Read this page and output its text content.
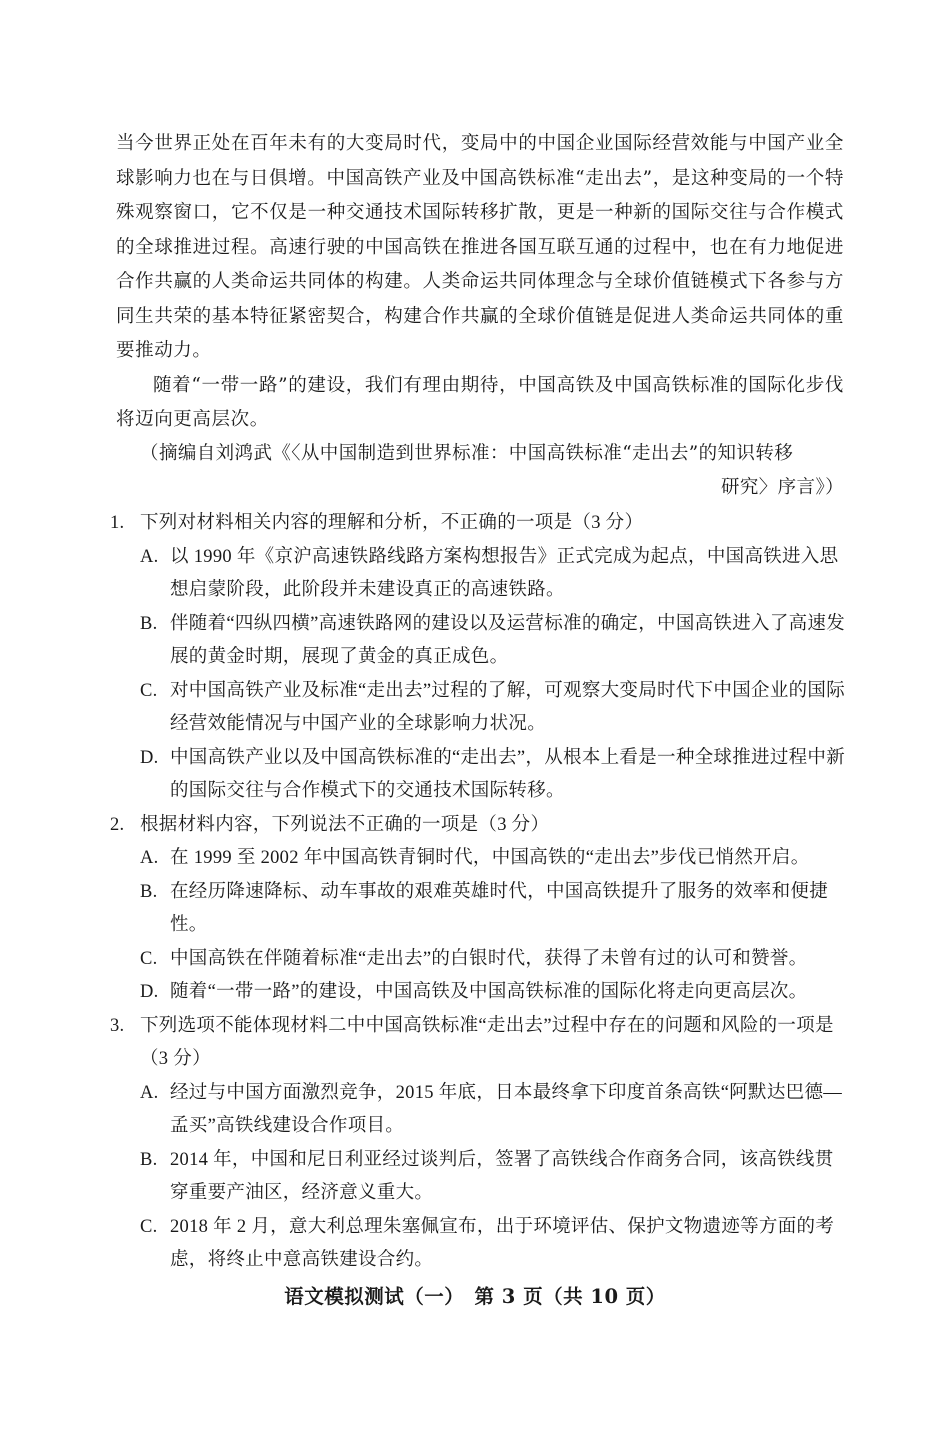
当今世界正处在百年未有的大变局时代，变局中的中国企业国际经营效能与中国产业全球影响力也在与日俱增。中国高铁产业及中国高铁标准“走出去”，是这种变局的一个特殊观察窗口，它不仅是一种交通技术国际转移扩散，更是一种新的国际交往与合作模式的全球推进过程。高速行驶的中国高铁在推进各国互联互通的过程中，也在有力地促进合作共赢的人类命运共同体的构建。人类命运共同体理念与全球价值链模式下各参与方同生共荣的基本特征紧密契合，构建合作共赢的全球价值链是促进人类命运共同体的重要推动力。

随着“一带一路”的建设，我们有理由期待，中国高铁及中国高铁标准的国际化步伐将迈向更高层次。

（摘编自刘鸿武《〈从中国制造到世界标准：中国高铁标准“走出去”的知识转移
研究〉序言》）
1. 下列对材料相关内容的理解和分析，不正确的一项是（3 分）
A. 以 1990 年《京沪高速铁路线路方案构想报告》正式完成为起点，中国高铁进入思想启蒙阶段，此阶段并未建设真正的高速铁路。
B. 伴随着“四纵四横”高速铁路网的建设以及运营标准的确定，中国高铁进入了高速发展的黄金时期，展现了黄金的真正成色。
C. 对中国高铁产业及标准“走出去”过程的了解，可观察大变局时代下中国企业的国际经营效能情况与中国产业的全球影响力状况。
D. 中国高铁产业以及中国高铁标准的“走出去”，从根本上看是一种全球推进过程中新的国际交往与合作模式下的交通技术国际转移。
2. 根据材料内容，下列说法不正确的一项是（3 分）
A. 在 1999 至 2002 年中国高铁青铜时代，中国高铁的“走出去”步伐已悄然开启。
B. 在经历降速降标、动车事故的艰难英雄时代，中国高铁提升了服务的效率和便捷性。
C. 中国高铁在伴随着标准“走出去”的白银时代，获得了未曾有过的认可和赞誉。
D. 随着“一带一路”的建设，中国高铁及中国高铁标准的国际化将走向更高层次。
3. 下列选项不能体现材料二中中国高铁标准“走出去”过程中存在的问题和风险的一项是（3 分）
A. 经过与中国方面激烈竞争，2015 年底，日本最终拿下印度首条高铁“阿默达巴德—孟买”高铁线建设合作项目。
B. 2014 年，中国和尼日利亚经过谈判后，签署了高铁线合作商务合同，该高铁线贯穿重要产油区，经济意义重大。
C. 2018 年 2 月，意大利总理朱塞佩宣布，出于环境评估、保护文物遗迹等方面的考虑，将终止中意高铁建设合约。
语文模拟测试（一）　第 3 页（共 10 页）
